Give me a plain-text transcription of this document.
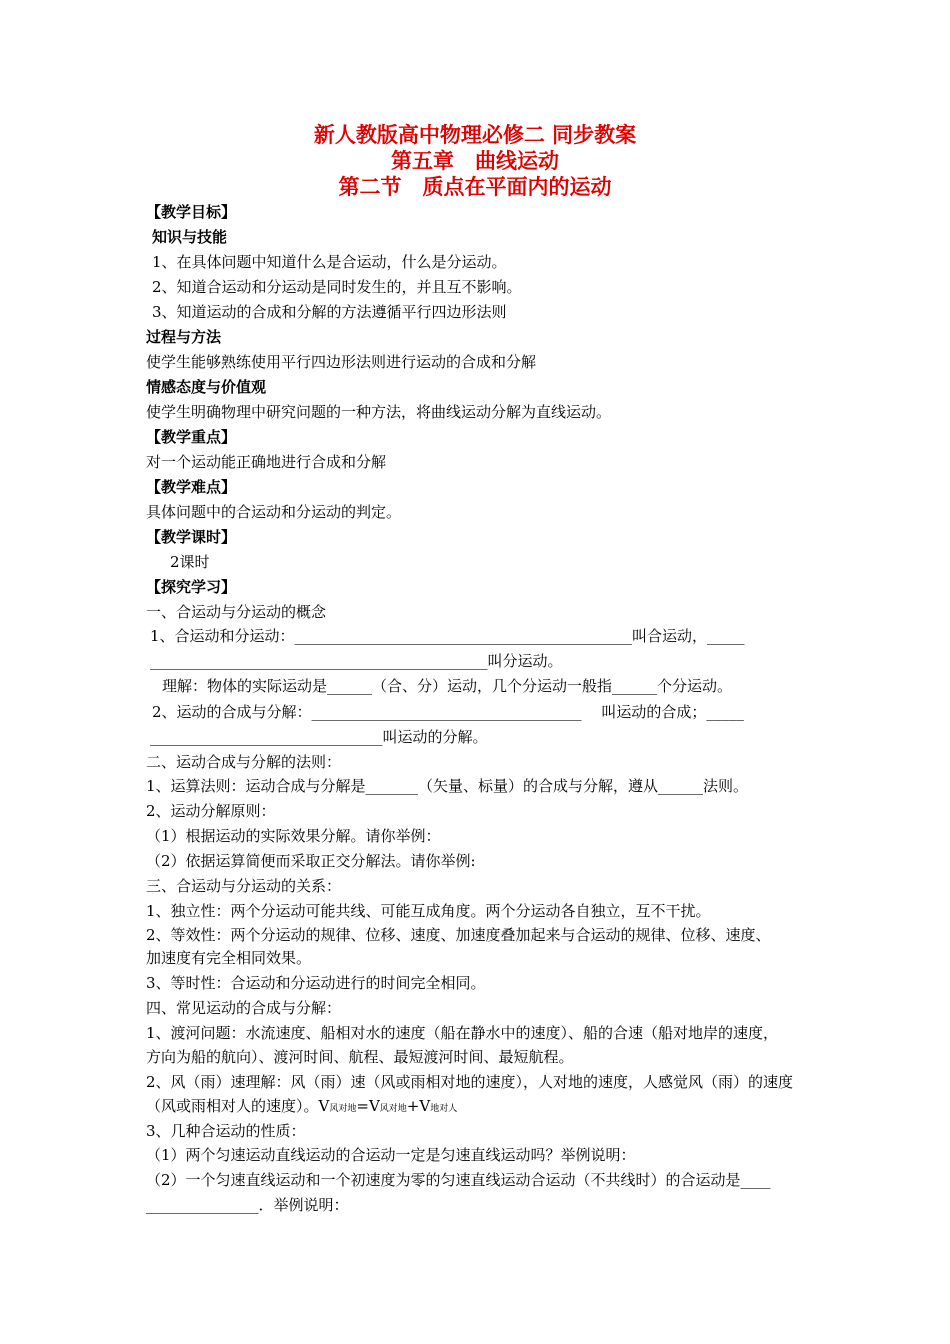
新人教版高中物理必修二 同步教案
第五章　曲线运动
第二节　质点在平面内的运动
【教学目标】
知识与技能
1、在具体问题中知道什么是合运动，什么是分运动。
2、知道合运动和分运动是同时发生的，并且互不影响。
3、知道运动的合成和分解的方法遵循平行四边形法则
过程与方法
使学生能够熟练使用平行四边形法则进行运动的合成和分解
情感态度与价值观
使学生明确物理中研究问题的一种方法，将曲线运动分解为直线运动。
【教学重点】
对一个运动能正确地进行合成和分解
【教学难点】
具体问题中的合运动和分运动的判定。
【教学课时】
2课时
【探究学习】
一、合运动与分运动的概念
1、合运动和分运动：_____________________________________________叫合运动，_____
_____________________________________________叫分运动。
理解：物体的实际运动是______（合、分）运动，几个分运动一般指______个分运动。
2、运动的合成与分解：____________________________________　 叫运动的合成；_____
_______________________________叫运动的分解。
二、运动合成与分解的法则：
1、运算法则：运动合成与分解是_______（矢量、标量）的合成与分解，遵从______法则。
2、运动分解原则：
（1）根据运动的实际效果分解。请你举例：
（2）依据运算简便而采取正交分解法。请你举例:
三、合运动与分运动的关系：
1、独立性：两个分运动可能共线、可能互成角度。两个分运动各自独立，互不干扰。
2、等效性：两个分运动的规律、位移、速度、加速度叠加起来与合运动的规律、位移、速度、
加速度有完全相同效果。
3、等时性：合运动和分运动进行的时间完全相同。
四、常见运动的合成与分解：
1、渡河问题：水流速度、船相对水的速度（船在静水中的速度）、船的合速（船对地岸的速度，
方向为船的航向）、渡河时间、航程、最短渡河时间、最短航程。
2、风（雨）速理解：风（雨）速（风或雨相对地的速度），人对地的速度，人感觉风（雨）的速度
（风或雨相对人的速度）。V风对地=V风对地+V地对人
3、几种合运动的性质：
（1）两个匀速运动直线运动的合运动一定是匀速直线运动吗？举例说明：
（2）一个匀速直线运动和一个初速度为零的匀速直线运动合运动（不共线时）的合运动是____
_______________．举例说明：
